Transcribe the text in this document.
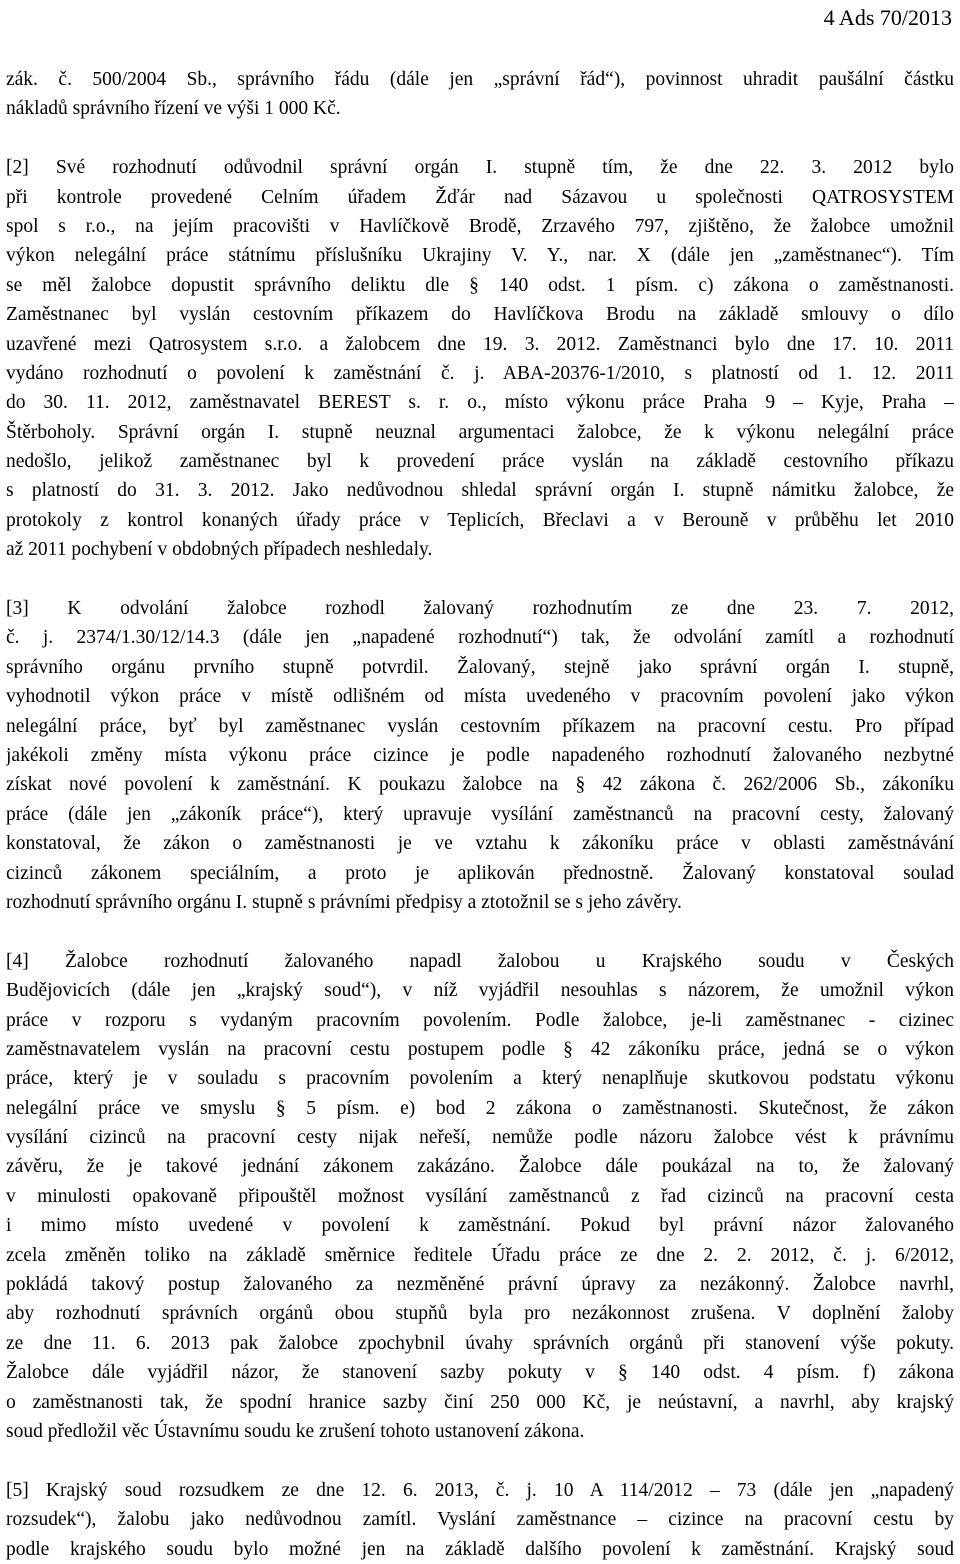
4 Ads 70/2013
zák. č. 500/2004 Sb., správního řádu (dále jen „správní řád“), povinnost uhradit paušální částku
nákladů správního řízení ve výši 1 000 Kč.
[2] Své rozhodnutí odůvodnil správní orgán I. stupně tím, že dne 22. 3. 2012 bylo
při kontrole provedené Celním úřadem Žďár nad Sázavou u společnosti QATROSYSTEM
spol s r.o., na jejím pracovišti v Havlíčkově Brodě, Zrzavého 797, zjištěno, že žalobce umožnil
výkon nelegální práce státnímu příslušníku Ukrajiny V. Y., nar. X (dále jen „zaměstnanec“). Tím
se měl žalobce dopustit správního deliktu dle § 140 odst. 1 písm. c) zákona o zaměstnanosti.
Zaměstnanec byl vyslán cestovním příkazem do Havlíčkova Brodu na základě smlouvy o dílo
uzavřené mezi Qatrosystem s.r.o. a žalobcem dne 19. 3. 2012. Zaměstnanci bylo dne 17. 10. 2011
vydáno rozhodnutí o povolení k zaměstnání č. j. ABA-20376-1/2010, s platností od 1. 12. 2011
do 30. 11. 2012, zaměstnavatel BEREST s. r. o., místo výkonu práce Praha 9 – Kyje, Praha –
Štěrboholy. Správní orgán I. stupně neuznal argumentaci žalobce, že k výkonu nelegální práce
nedošlo, jelikož zaměstnanec byl k provedení práce vyslán na základě cestovního příkazu
s platností do 31. 3. 2012. Jako nedůvodnou shledal správní orgán I. stupně námitku žalobce, že
protokoly z kontrol konaných úřady práce v Teplicích, Břeclavi a v Berouně v průběhu let 2010
až 2011 pochybení v obdobných případech neshledaly.
[3] K odvolání žalobce rozhodl žalovaný rozhodnutím ze dne 23. 7. 2012,
č. j. 2374/1.30/12/14.3 (dále jen „napadené rozhodnutí“) tak, že odvolání zamítl a rozhodnutí
správního orgánu prvního stupně potvrdil. Žalovaný, stejně jako správní orgán I. stupně,
vyhodnotil výkon práce v místě odlišném od místa uvedeného v pracovním povolení jako výkon
nelegální práce, byť byl zaměstnanec vyslán cestovním příkazem na pracovní cestu. Pro případ
jakékoli změny místa výkonu práce cizince je podle napadeného rozhodnutí žalovaného nezbytné
získat nové povolení k zaměstnání. K poukazu žalobce na § 42 zákona č. 262/2006 Sb., zákoníku
práce (dále jen „zákoník práce“), který upravuje vysílání zaměstnanců na pracovní cesty, žalovaný
konstatoval, že zákon o zaměstnanosti je ve vztahu k zákoníku práce v oblasti zaměstnávání
cizinců zákonem speciálním, a proto je aplikován přednostně. Žalovaný konstatoval soulad
rozhodnutí správního orgánu I. stupně s právními předpisy a ztotožnil se s jeho závěry.
[4] Žalobce rozhodnutí žalovaného napadl žalobou u Krajského soudu v Českých
Budějovicích (dále jen „krajský soud“), v níž vyjádřil nesouhlas s názorem, že umožnil výkon
práce v rozporu s vydaným pracovním povolením. Podle žalobce, je-li zaměstnanec - cizinec
zaměstnavatelem vyslán na pracovní cestu postupem podle § 42 zákoníku práce, jedná se o výkon
práce, který je v souladu s pracovním povolením a který nenaplňuje skutkovou podstatu výkonu
nelegální práce ve smyslu § 5 písm. e) bod 2 zákona o zaměstnanosti. Skutečnost, že zákon
vysílání cizinců na pracovní cesty nijak neřeší, nemůže podle názoru žalobce vést k právnímu
závěru, že je takové jednání zákonem zakázáno. Žalobce dále poukázal na to, že žalovaný
v minulosti opakovaně připouštěl možnost vysílání zaměstnanců z řad cizinců na pracovní cesta
i mimo místo uvedené v povolení k zaměstnání. Pokud byl právní názor žalovaného
zcela změněn toliko na základě směrnice ředitele Úřadu práce ze dne 2. 2. 2012, č. j. 6/2012,
pokládá takový postup žalovaného za nezměněné právní úpravy za nezákonný. Žalobce navrhl,
aby rozhodnutí správních orgánů obou stupňů byla pro nezákonnost zrušena. V doplnění žaloby
ze dne 11. 6. 2013 pak žalobce zpochybnil úvahy správních orgánů při stanovení výše pokuty.
Žalobce dále vyjádřil názor, že stanovení sazby pokuty v § 140 odst. 4 písm. f) zákona
o zaměstnanosti tak, že spodní hranice sazby činí 250 000 Kč, je neústavní, a navrhl, aby krajský
soud předložil věc Ústavnímu soudu ke zrušení tohoto ustanovení zákona.
[5] Krajský soud rozsudkem ze dne 12. 6. 2013, č. j. 10 A 114/2012 – 73 (dále jen „napadený
rozsudek“), žalobu jako nedůvodnou zamítl. Vyslání zaměstnance – cizince na pracovní cestu by
podle krajského soudu bylo možné jen na základě dalšího povolení k zaměstnání. Krajský soud
